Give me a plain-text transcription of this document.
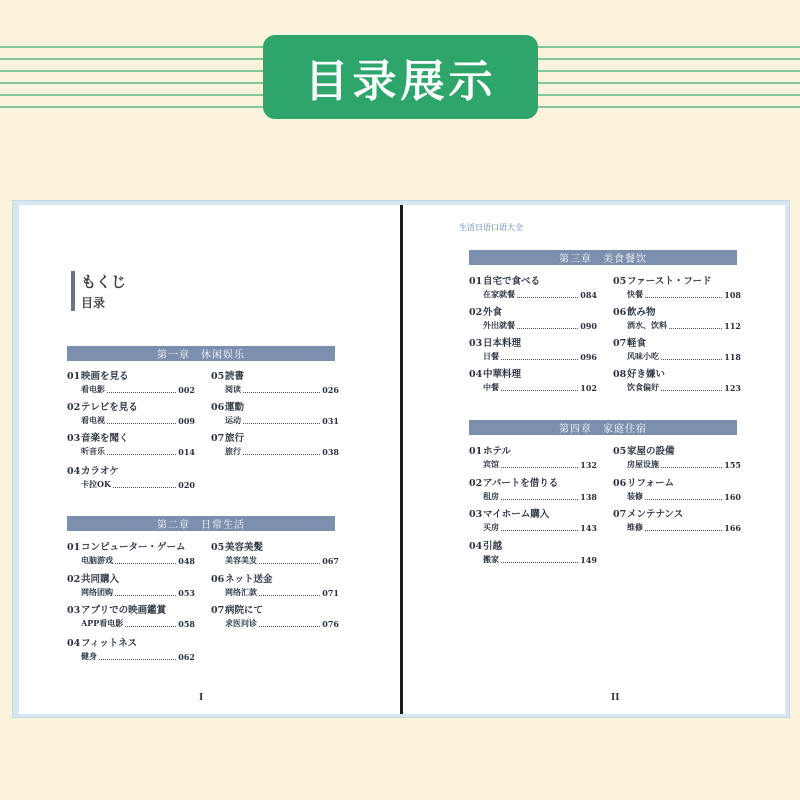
目录展示
もくじ
目录
第一章　休闲娱乐
01映画を見る
看电影	002
05読書
阅读	026
02テレビを見る
看电视	009
06運動
运动	031
03音楽を聞く
听音乐	014
07旅行
旅行	038
04カラオケ
卡拉OK	020
第二章　日常生活
01コンピューター・ゲーム
电脑游戏	048
05美容美髪
美容美发	067
02共同購入
网络团购	053
06ネット送金
网络汇款	071
03アプリでの映画鑑賞
APP看电影	058
07病院にて
求医问诊	076
04フィットネス
健身	062
I
生活日语口语大全
第三章　美食餐饮
01自宅で食べる
在家就餐	084
05ファースト・フード
快餐	108
02外食
外出就餐	090
06飲み物
酒水、饮料	112
03日本料理
日餐	096
07軽食
风味小吃	118
04中華料理
中餐	102
08好き嫌い
饮食偏好	123
第四章　家庭住宿
01ホテル
宾馆	132
05家屋の設備
房屋设施	155
02アパートを借りる
租房	138
06リフォーム
装修	160
03マイホーム購入
买房	143
07メンテナンス
维修	166
04引越
搬家	149
II
